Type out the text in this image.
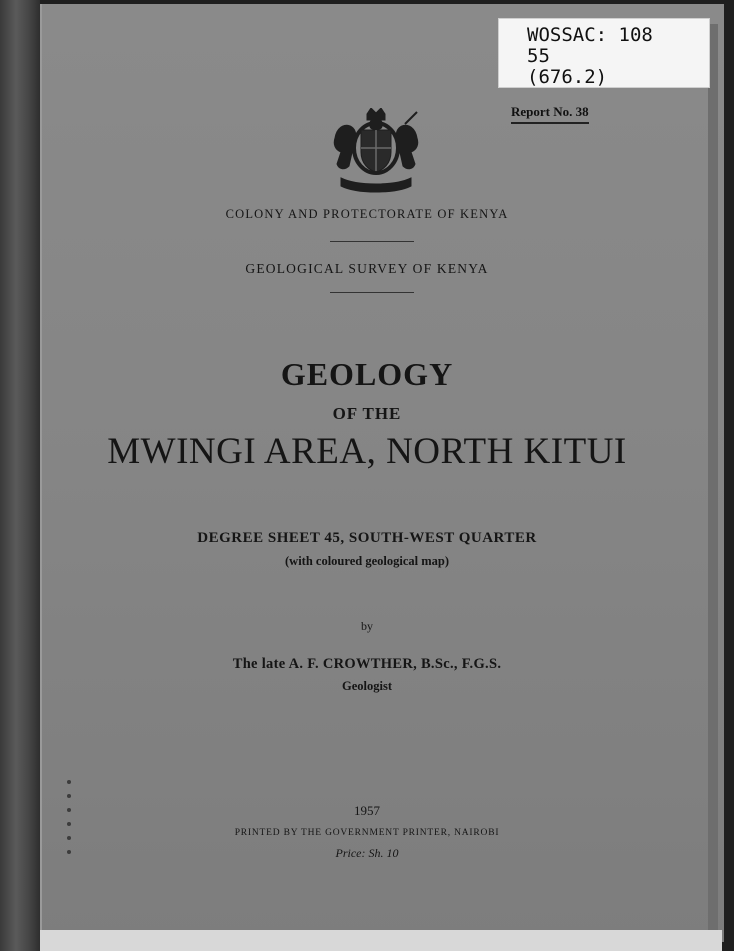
WOSSAC: 108
55
(676.2)
Report No. 38
COLONY AND PROTECTORATE OF KENYA
GEOLOGICAL SURVEY OF KENYA
GEOLOGY
OF THE
MWINGI AREA, NORTH KITUI
DEGREE SHEET 45, SOUTH-WEST QUARTER
(with coloured geological map)
by
The late A. F. CROWTHER, B.Sc., F.G.S.
Geologist
1957
PRINTED BY THE GOVERNMENT PRINTER, NAIROBI
Price: Sh. 10
